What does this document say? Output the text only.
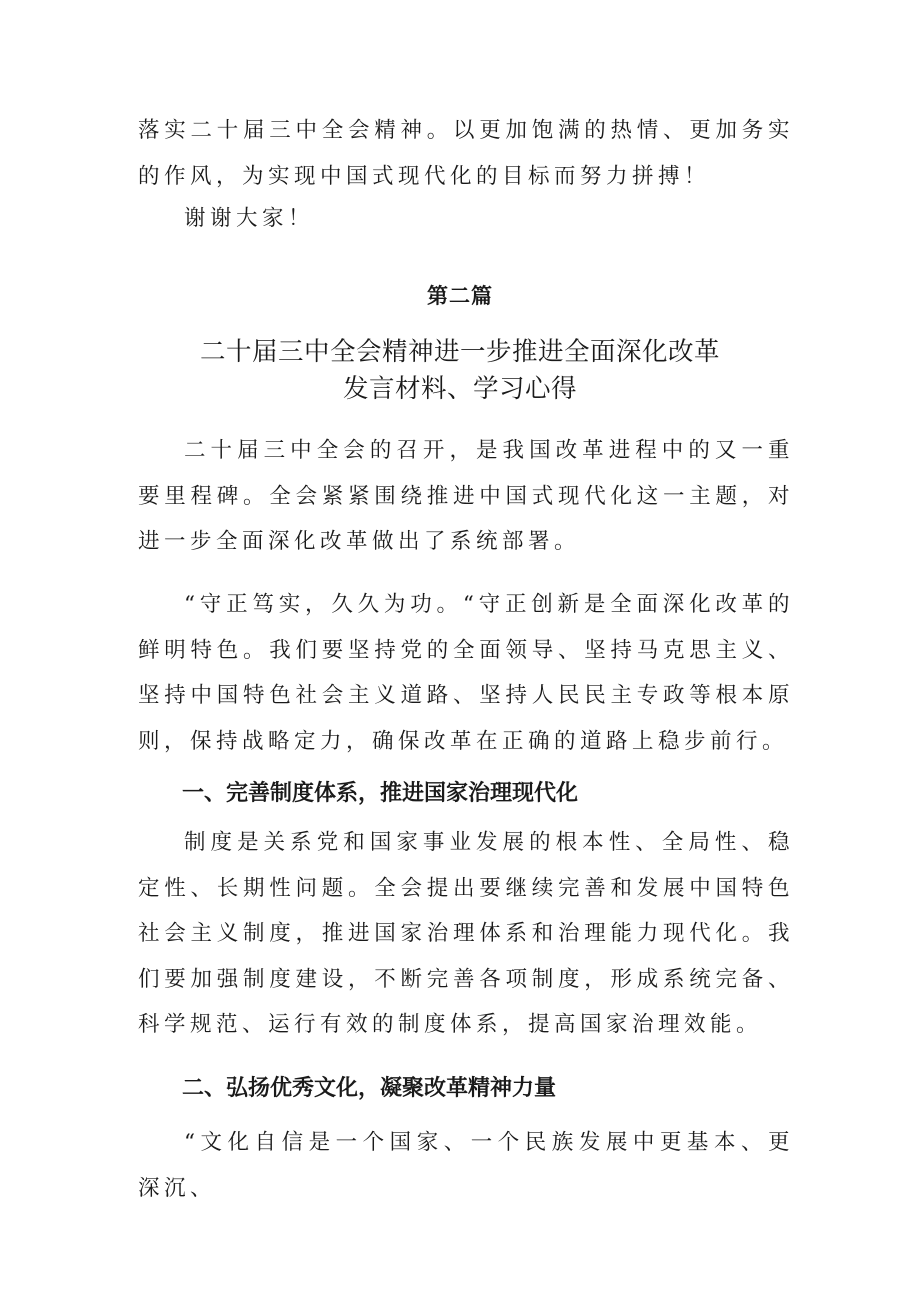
落实二十届三中全会精神。以更加饱满的热情、更加务实的作风，为实现中国式现代化的目标而努力拼搏！

谢谢大家！

第二篇
二十届三中全会精神进一步推进全面深化改革
发言材料、学习心得

二十届三中全会的召开，是我国改革进程中的又一重要里程碑。全会紧紧围绕推进中国式现代化这一主题，对进一步全面深化改革做出了系统部署。

“守正笃实，久久为功。“守正创新是全面深化改革的鲜明特色。我们要坚持党的全面领导、坚持马克思主义、坚持中国特色社会主义道路、坚持人民民主专政等根本原则，保持战略定力，确保改革在正确的道路上稳步前行。

一、完善制度体系，推进国家治理现代化

制度是关系党和国家事业发展的根本性、全局性、稳定性、长期性问题。全会提出要继续完善和发展中国特色社会主义制度，推进国家治理体系和治理能力现代化。我们要加强制度建设，不断完善各项制度，形成系统完备、科学规范、运行有效的制度体系，提高国家治理效能。

二、弘扬优秀文化，凝聚改革精神力量

“文化自信是一个国家、一个民族发展中更基本、更深沉、
